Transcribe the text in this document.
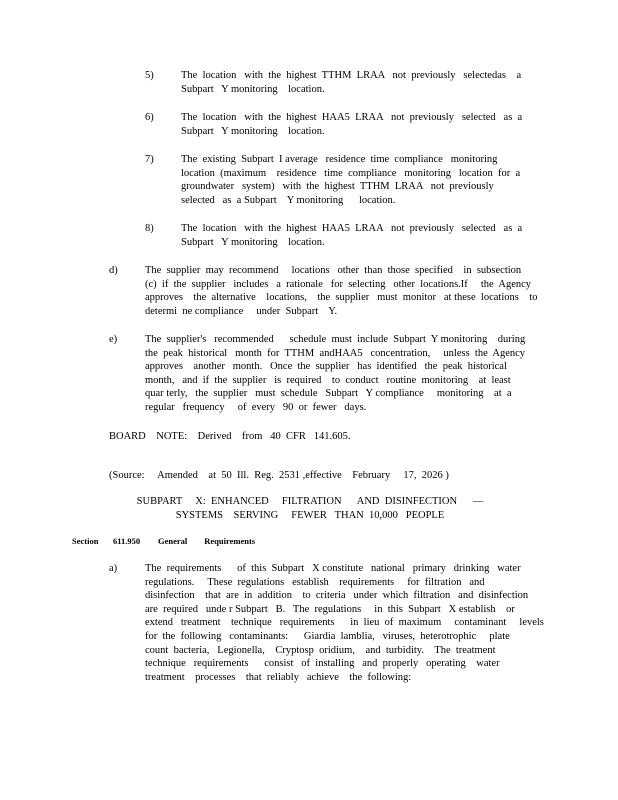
5)	The  location   with  the  highest  TTHM  LRAA   not  previously   selectedas    a
Subpart   Y monitoring    location.
6)	The  location   with  the  highest  HAA5  LRAA   not  previously   selected   as  a
Subpart   Y monitoring    location.
7)	The  existing  Subpart  I average   residence  time  compliance   monitoring
location  (maximum    residence   time  compliance   monitoring   location  for  a
groundwater   system)   with  the  highest  TTHM  LRAA   not  previously
selected   as  a Subpart    Y monitoring      location.
8)	The  location   with  the  highest  HAA5  LRAA   not  previously   selected   as  a
Subpart   Y monitoring    location.
d)	The  supplier  may  recommend     locations   other  than  those  specified    in  subsection
(c)  if  the  supplier   includes   a  rationale   for  selecting   other  locations.If     the  Agency
approves    the  alternative    locations,    the  supplier   must  monitor   at these  locations    to
determi  ne compliance     under  Subpart    Y.
e)	The  supplier's   recommended      schedule  must  include  Subpart  Y monitoring    during
the  peak  historical   month  for  TTHM  andHAA5   concentration,     unless  the  Agency
approves    another   month.   Once  the  supplier   has  identified   the  peak  historical
month,   and  if  the  supplier   is  required    to  conduct   routine  monitoring    at  least
quar terly,   the  supplier   must  schedule   Subpart   Y compliance     monitoring    at  a
regular   frequency     of  every   90  or  fewer   days.
BOARD    NOTE:    Derived    from   40  CFR   141.605.
(Source:     Amended    at  50  Ill.  Reg.  2531 ,effective    February     17,  2026 )
SUBPART     X:  ENHANCED     FILTRATION      AND  DISINFECTION      —
SYSTEMS    SERVING     FEWER   THAN  10,000   PEOPLE
Section 611.950 General        Requirements
a)	The  requirements      of  this  Subpart   X constitute   national   primary   drinking   water
regulations.     These  regulations   establish    requirements     for  filtration   and
disinfection    that  are  in  addition    to  criteria   under  which  filtration   and  disinfection
are  required   unde r Subpart   B.   The  regulations     in  this  Subpart   X establish    or
extend   treatment    technique   requirements      in  lieu  of  maximum     contaminant     levels
for  the  following   contaminants:      Giardia  lamblia,   viruses,  heterotrophic     plate
count  bacteria,   Legionella,    Cryptosp  oridium,    and  turbidity.    The  treatment
technique   requirements      consist   of  installing   and  properly   operating    water
treatment    processes    that  reliably   achieve    the  following:
